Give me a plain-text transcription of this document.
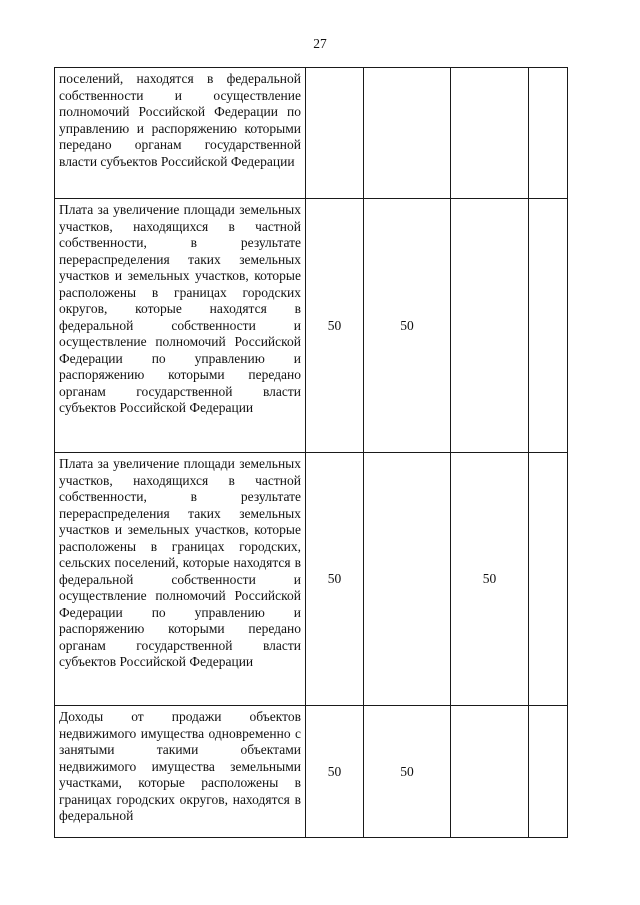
27
поселений, находятся в федеральной собственности и осуществление полномочий Российской Федерации по управлению и распоряжению которыми передано органам государственной власти субъектов Российской Федерации				
Плата за увеличение площади земельных участков, находящихся в частной собственности, в результате перераспределения таких земельных участков и земельных участков, которые расположены в границах городских округов, которые находятся в федеральной собственности и осуществление полномочий Российской Федерации по управлению и распоряжению которыми передано органам государственной власти субъектов Российской Федерации	50	50		
Плата за увеличение площади земельных участков, находящихся в частной собственности, в результате перераспределения таких земельных участков и земельных участков, которые расположены в границах городских, сельских поселений, которые находятся в федеральной собственности и осуществление полномочий Российской Федерации по управлению и распоряжению которыми передано органам государственной власти субъектов Российской Федерации	50		50	
Доходы от продажи объектов недвижимого имущества одновременно с занятыми такими объектами недвижимого имущества земельными участками, которые расположены в границах городских округов, находятся в федеральной	50	50		
